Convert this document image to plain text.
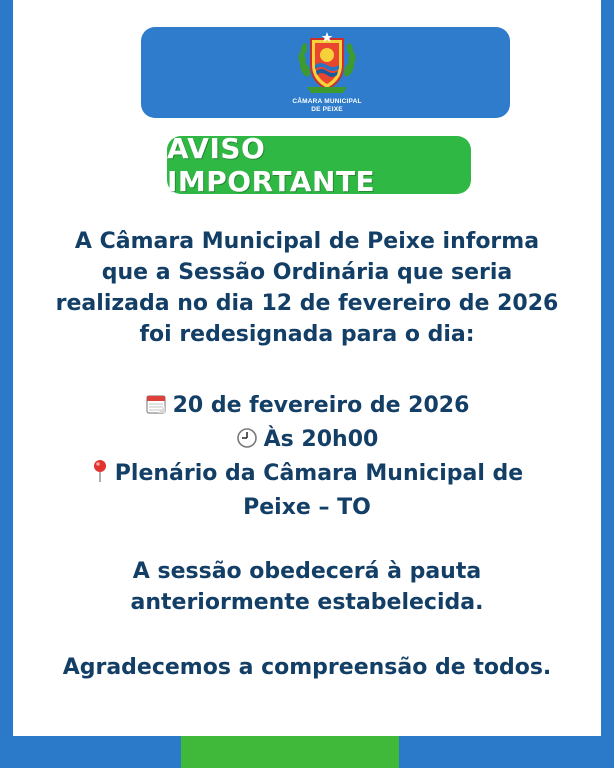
CÂMARA MUNICIPAL
DE PEIXE
AVISO IMPORTANTE

A Câmara Municipal de Peixe informa
que a Sessão Ordinária que seria
realizada no dia 12 de fevereiro de 2026
foi redesignada para o dia:

20 de fevereiro de 2026
Às 20h00
Plenário da Câmara Municipal de
Peixe – TO

A sessão obedecerá à pauta
anteriormente estabelecida.

Agradecemos a compreensão de todos.
